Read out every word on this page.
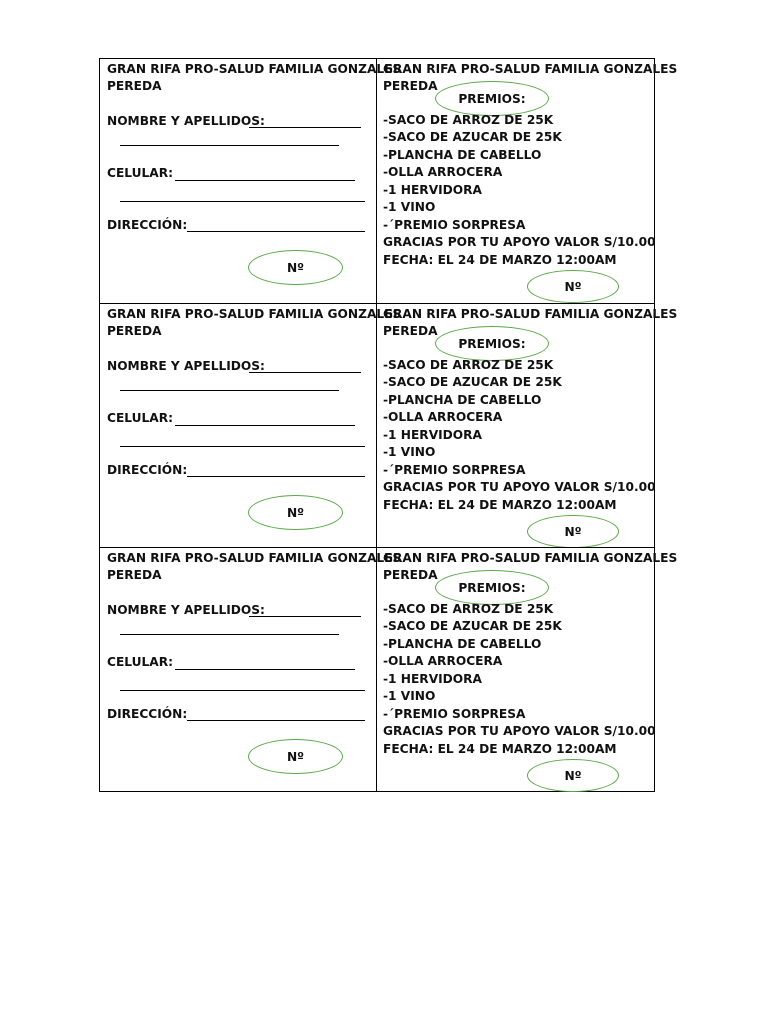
GRAN RIFA PRO-SALUD FAMILIA GONZALES
PEREDA
NOMBRE Y APELLIDOS:
CELULAR:
DIRECCIÓN:
Nº
GRAN RIFA PRO-SALUD FAMILIA GONZALES
PEREDA
PREMIOS:
-SACO DE ARROZ DE 25K
-SACO DE AZUCAR DE 25K
-PLANCHA DE CABELLO
-OLLA ARROCERA
-1 HERVIDORA
-1 VINO
-´PREMIO SORPRESA
GRACIAS POR TU APOYO VALOR S/10.00
FECHA: EL 24 DE MARZO 12:00AM
Nº
GRAN RIFA PRO-SALUD FAMILIA GONZALES
PEREDA
NOMBRE Y APELLIDOS:
CELULAR:
DIRECCIÓN:
Nº
GRAN RIFA PRO-SALUD FAMILIA GONZALES
PEREDA
PREMIOS:
-SACO DE ARROZ DE 25K
-SACO DE AZUCAR DE 25K
-PLANCHA DE CABELLO
-OLLA ARROCERA
-1 HERVIDORA
-1 VINO
-´PREMIO SORPRESA
GRACIAS POR TU APOYO VALOR S/10.00
FECHA: EL 24 DE MARZO 12:00AM
Nº
GRAN RIFA PRO-SALUD FAMILIA GONZALES
PEREDA
NOMBRE Y APELLIDOS:
CELULAR:
DIRECCIÓN:
Nº
GRAN RIFA PRO-SALUD FAMILIA GONZALES
PEREDA
PREMIOS:
-SACO DE ARROZ DE 25K
-SACO DE AZUCAR DE 25K
-PLANCHA DE CABELLO
-OLLA ARROCERA
-1 HERVIDORA
-1 VINO
-´PREMIO SORPRESA
GRACIAS POR TU APOYO VALOR S/10.00
FECHA: EL 24 DE MARZO 12:00AM
Nº
